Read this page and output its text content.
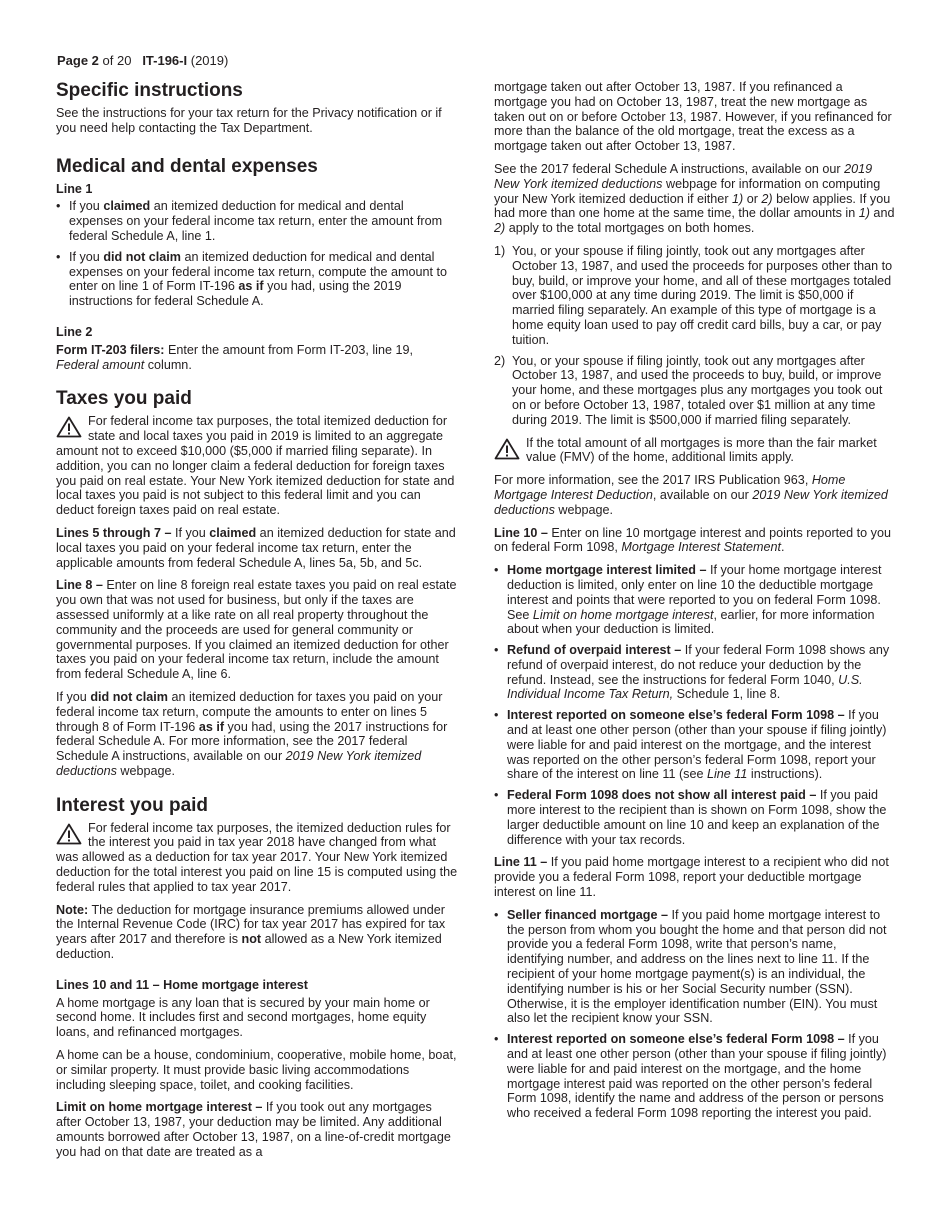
Page 2 of 20 IT-196-I (2019)
Specific instructions

See the instructions for your tax return for the Privacy notification or if you need help contacting the Tax Department.

Medical and dental expenses
Line 1
• If you claimed an itemized deduction for medical and dental expenses on your federal income tax return, enter the amount from federal Schedule A, line 1.
• If you did not claim an itemized deduction for medical and dental expenses on your federal income tax return, compute the amount to enter on line 1 of Form IT-196 as if you had, using the 2019 instructions for federal Schedule A.
Line 2

Form IT-203 filers: Enter the amount from Form IT-203, line 19, Federal amount column.

Taxes you paid

For federal income tax purposes, the total itemized deduction for state and local taxes you paid in 2019 is limited to an aggregate amount not to exceed $10,000 ($5,000 if married filing separate). In addition, you can no longer claim a federal deduction for foreign taxes you paid on real estate. Your New York itemized deduction for state and local taxes you paid is not subject to this federal limit and you can deduct foreign taxes paid on real estate.

Lines 5 through 7 – If you claimed an itemized deduction for state and local taxes you paid on your federal income tax return, enter the applicable amounts from federal Schedule A, lines 5a, 5b, and 5c.

Line 8 – Enter on line 8 foreign real estate taxes you paid on real estate you own that was not used for business, but only if the taxes are assessed uniformly at a like rate on all real property throughout the community and the proceeds are used for general community or governmental purposes. If you claimed an itemized deduction for other taxes you paid on your federal income tax return, include the amount from federal Schedule A, line 6.

If you did not claim an itemized deduction for taxes you paid on your federal income tax return, compute the amounts to enter on lines 5 through 8 of Form IT-196 as if you had, using the 2017 instructions for federal Schedule A. For more information, see the 2017 federal Schedule A instructions, available on our 2019 New York itemized deductions webpage.

Interest you paid

For federal income tax purposes, the itemized deduction rules for the interest you paid in tax year 2018 have changed from what was allowed as a deduction for tax year 2017. Your New York itemized deduction for the total interest you paid on line 15 is computed using the federal rules that applied to tax year 2017.

Note: The deduction for mortgage insurance premiums allowed under the Internal Revenue Code (IRC) for tax year 2017 has expired for tax years after 2017 and therefore is not allowed as a New York itemized deduction.

Lines 10 and 11 – Home mortgage interest

A home mortgage is any loan that is secured by your main home or second home. It includes first and second mortgages, home equity loans, and refinanced mortgages.

A home can be a house, condominium, cooperative, mobile home, boat, or similar property. It must provide basic living accommodations including sleeping space, toilet, and cooking facilities.

Limit on home mortgage interest – If you took out any mortgages after October 13, 1987, your deduction may be limited. Any additional amounts borrowed after October 13, 1987, on a line-of-credit mortgage you had on that date are treated as a

mortgage taken out after October 13, 1987. If you refinanced a mortgage you had on October 13, 1987, treat the new mortgage as taken out on or before October 13, 1987. However, if you refinanced for more than the balance of the old mortgage, treat the excess as a mortgage taken out after October 13, 1987.

See the 2017 federal Schedule A instructions, available on our 2019 New York itemized deductions webpage for information on computing your New York itemized deduction if either 1) or 2) below applies. If you had more than one home at the same time, the dollar amounts in 1) and 2) apply to the total mortgages on both homes.

1) You, or your spouse if filing jointly, took out any mortgages after October 13, 1987, and used the proceeds for purposes other than to buy, build, or improve your home, and all of these mortgages totaled over $100,000 at any time during 2019. The limit is $50,000 if married filing separately. An example of this type of mortgage is a home equity loan used to pay off credit card bills, buy a car, or pay tuition.
2) You, or your spouse if filing jointly, took out any mortgages after October 13, 1987, and used the proceeds to buy, build, or improve your home, and these mortgages plus any mortgages you took out on or before October 13, 1987, totaled over $1 million at any time during 2019. The limit is $500,000 if married filing separately.

If the total amount of all mortgages is more than the fair market value (FMV) of the home, additional limits apply.

For more information, see the 2017 IRS Publication 963, Home Mortgage Interest Deduction, available on our 2019 New York itemized deductions webpage.

Line 10 – Enter on line 10 mortgage interest and points reported to you on federal Form 1098, Mortgage Interest Statement.

• Home mortgage interest limited – If your home mortgage interest deduction is limited, only enter on line 10 the deductible mortgage interest and points that were reported to you on federal Form 1098. See Limit on home mortgage interest, earlier, for more information about when your deduction is limited.
• Refund of overpaid interest – If your federal Form 1098 shows any refund of overpaid interest, do not reduce your deduction by the refund. Instead, see the instructions for federal Form 1040, U.S. Individual Income Tax Return, Schedule 1, line 8.
• Interest reported on someone else’s federal Form 1098 – If you and at least one other person (other than your spouse if filing jointly) were liable for and paid interest on the mortgage, and the interest was reported on the other person’s federal Form 1098, report your share of the interest on line 11 (see Line 11 instructions).
• Federal Form 1098 does not show all interest paid – If you paid more interest to the recipient than is shown on Form 1098, show the larger deductible amount on line 10 and keep an explanation of the difference with your tax records.

Line 11 – If you paid home mortgage interest to a recipient who did not provide you a federal Form 1098, report your deductible mortgage interest on line 11.

• Seller financed mortgage – If you paid home mortgage interest to the person from whom you bought the home and that person did not provide you a federal Form 1098, write that person’s name, identifying number, and address on the lines next to line 11. If the recipient of your home mortgage payment(s) is an individual, the identifying number is his or her Social Security number (SSN). Otherwise, it is the employer identification number (EIN). You must also let the recipient know your SSN.
• Interest reported on someone else’s federal Form 1098 – If you and at least one other person (other than your spouse if filing jointly) were liable for and paid interest on the mortgage, and the home mortgage interest paid was reported on the other person’s federal Form 1098, identify the name and address of the person or persons who received a federal Form 1098 reporting the interest you paid.
